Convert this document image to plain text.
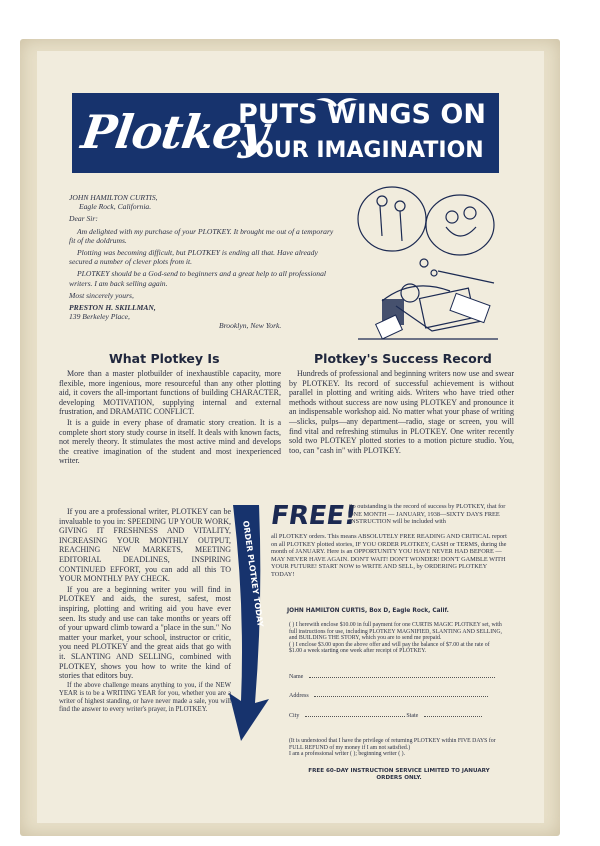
Plotkey
PUTS WINGS ON
YOUR IMAGINATION

JOHN HAMILTON CURTIS,

Eagle Rock, California.

Dear Sir:

Am delighted with my purchase of your PLOTKEY. It brought me out of a temporary fit of the doldrums.

Plotting was becoming difficult, but PLOTKEY is ending all that. Have already secured a number of clever plots from it.

PLOTKEY should be a God-send to beginners and a great help to all professional writers. I am back selling again.

Most sincerely yours,

PRESTON H. SKILLMAN,

139 Berkeley Place,

Brooklyn, New York.

What Plotkey Is

More than a master plotbuilder of inexhaustible capacity, more flexible, more ingenious, more resourceful than any other plotting aid, it covers the all-important functions of building CHARACTER, developing MOTIVATION, supplying internal and external frustration, and DRAMATIC CONFLICT.

It is a guide in every phase of dramatic story creation. It is a complete short story study course in itself. It deals with known facts, not merely theory. It stimulates the most active mind and develops the creative imagination of the student and most inexperienced writer.

Plotkey's Success Record

Hundreds of professional and beginning writers now use and swear by PLOTKEY. Its record of successful achievement is without parallel in plotting and writing aids. Writers who have tried other methods without success are now using PLOTKEY and pronounce it an indispensable workshop aid. No matter what your phase of writing—slicks, pulps—any department—radio, stage or screen, you will find vital and refreshing stimulus in PLOTKEY. One writer recently sold two PLOTKEY plotted stories to a motion picture studio. You, too, can "cash in" with PLOTKEY.

If you are a professional writer, PLOTKEY can be invaluable to you in: SPEEDING UP YOUR WORK, GIVING IT FRESHNESS AND VITALITY, INCREASING YOUR MONTHLY OUTPUT, REACHING NEW MARKETS, MEETING EDITORIAL DEADLINES, INSPIRING CONTINUED EFFORT, you can add all this TO YOUR MONTHLY PAY CHECK.

If you are a beginning writer you will find in PLOTKEY and aids, the surest, safest, most inspiring, plotting and writing aid you have ever seen. Its study and use can take months or years off of your upward climb toward a "place in the sun." No matter your market, your school, instructor or critic, you need PLOTKEY and the great aids that go with it. SLANTING AND SELLING, combined with PLOTKEY, shows you how to write the kind of stories that editors buy.

If the above challenge means anything to you, if the NEW YEAR is to be a WRITING YEAR for you, whether you are a writer of highest standing, or have never made a sale, you will find the answer to every writer's prayer, in PLOTKEY.

ORDER PLOTKEY TODAY
FREE!
So outstanding is the record of success by PLOTKEY, that for ONE MONTH — JANUARY, 1938—SIXTY DAYS FREE INSTRUCTION will be included with
all PLOTKEY orders. This means ABSOLUTELY FREE READING AND CRITICAL report on all PLOTKEY plotted stories, IF YOU ORDER PLOTKEY, CASH or TERMS, during the month of JANUARY. Here is an OPPORTUNITY YOU HAVE NEVER HAD BEFORE — MAY NEVER HAVE AGAIN. DON'T WAIT! DON'T WONDER! DON'T GAMBLE WITH YOUR FUTURE! START NOW to WRITE AND SELL, by ORDERING PLOTKEY TODAY!
JOHN HAMILTON CURTIS, Box D, Eagle Rock, Calif.
( ) I herewith enclose $10.00 in full payment for one CURTIS MAGIC PLOTKEY set, with full instructions for use, including PLOTKEY MAGNIFIED, SLANTING AND SELLING, and BUILDING THE STORY, which you are to send me prepaid.
( ) I enclose $3.00 upon the above offer and will pay the balance of $7.00 at the rate of $1.00 a week starting one week after receipt of PLOTKEY.
Name
Address
City	State
(It is understood that I have the privilege of returning PLOTKEY within FIVE DAYS for FULL REFUND of my money if I am not satisfied.)
I am a professional writer ( ); beginning writer ( ).
FREE 60-DAY INSTRUCTION SERVICE LIMITED TO JANUARY ORDERS ONLY.
